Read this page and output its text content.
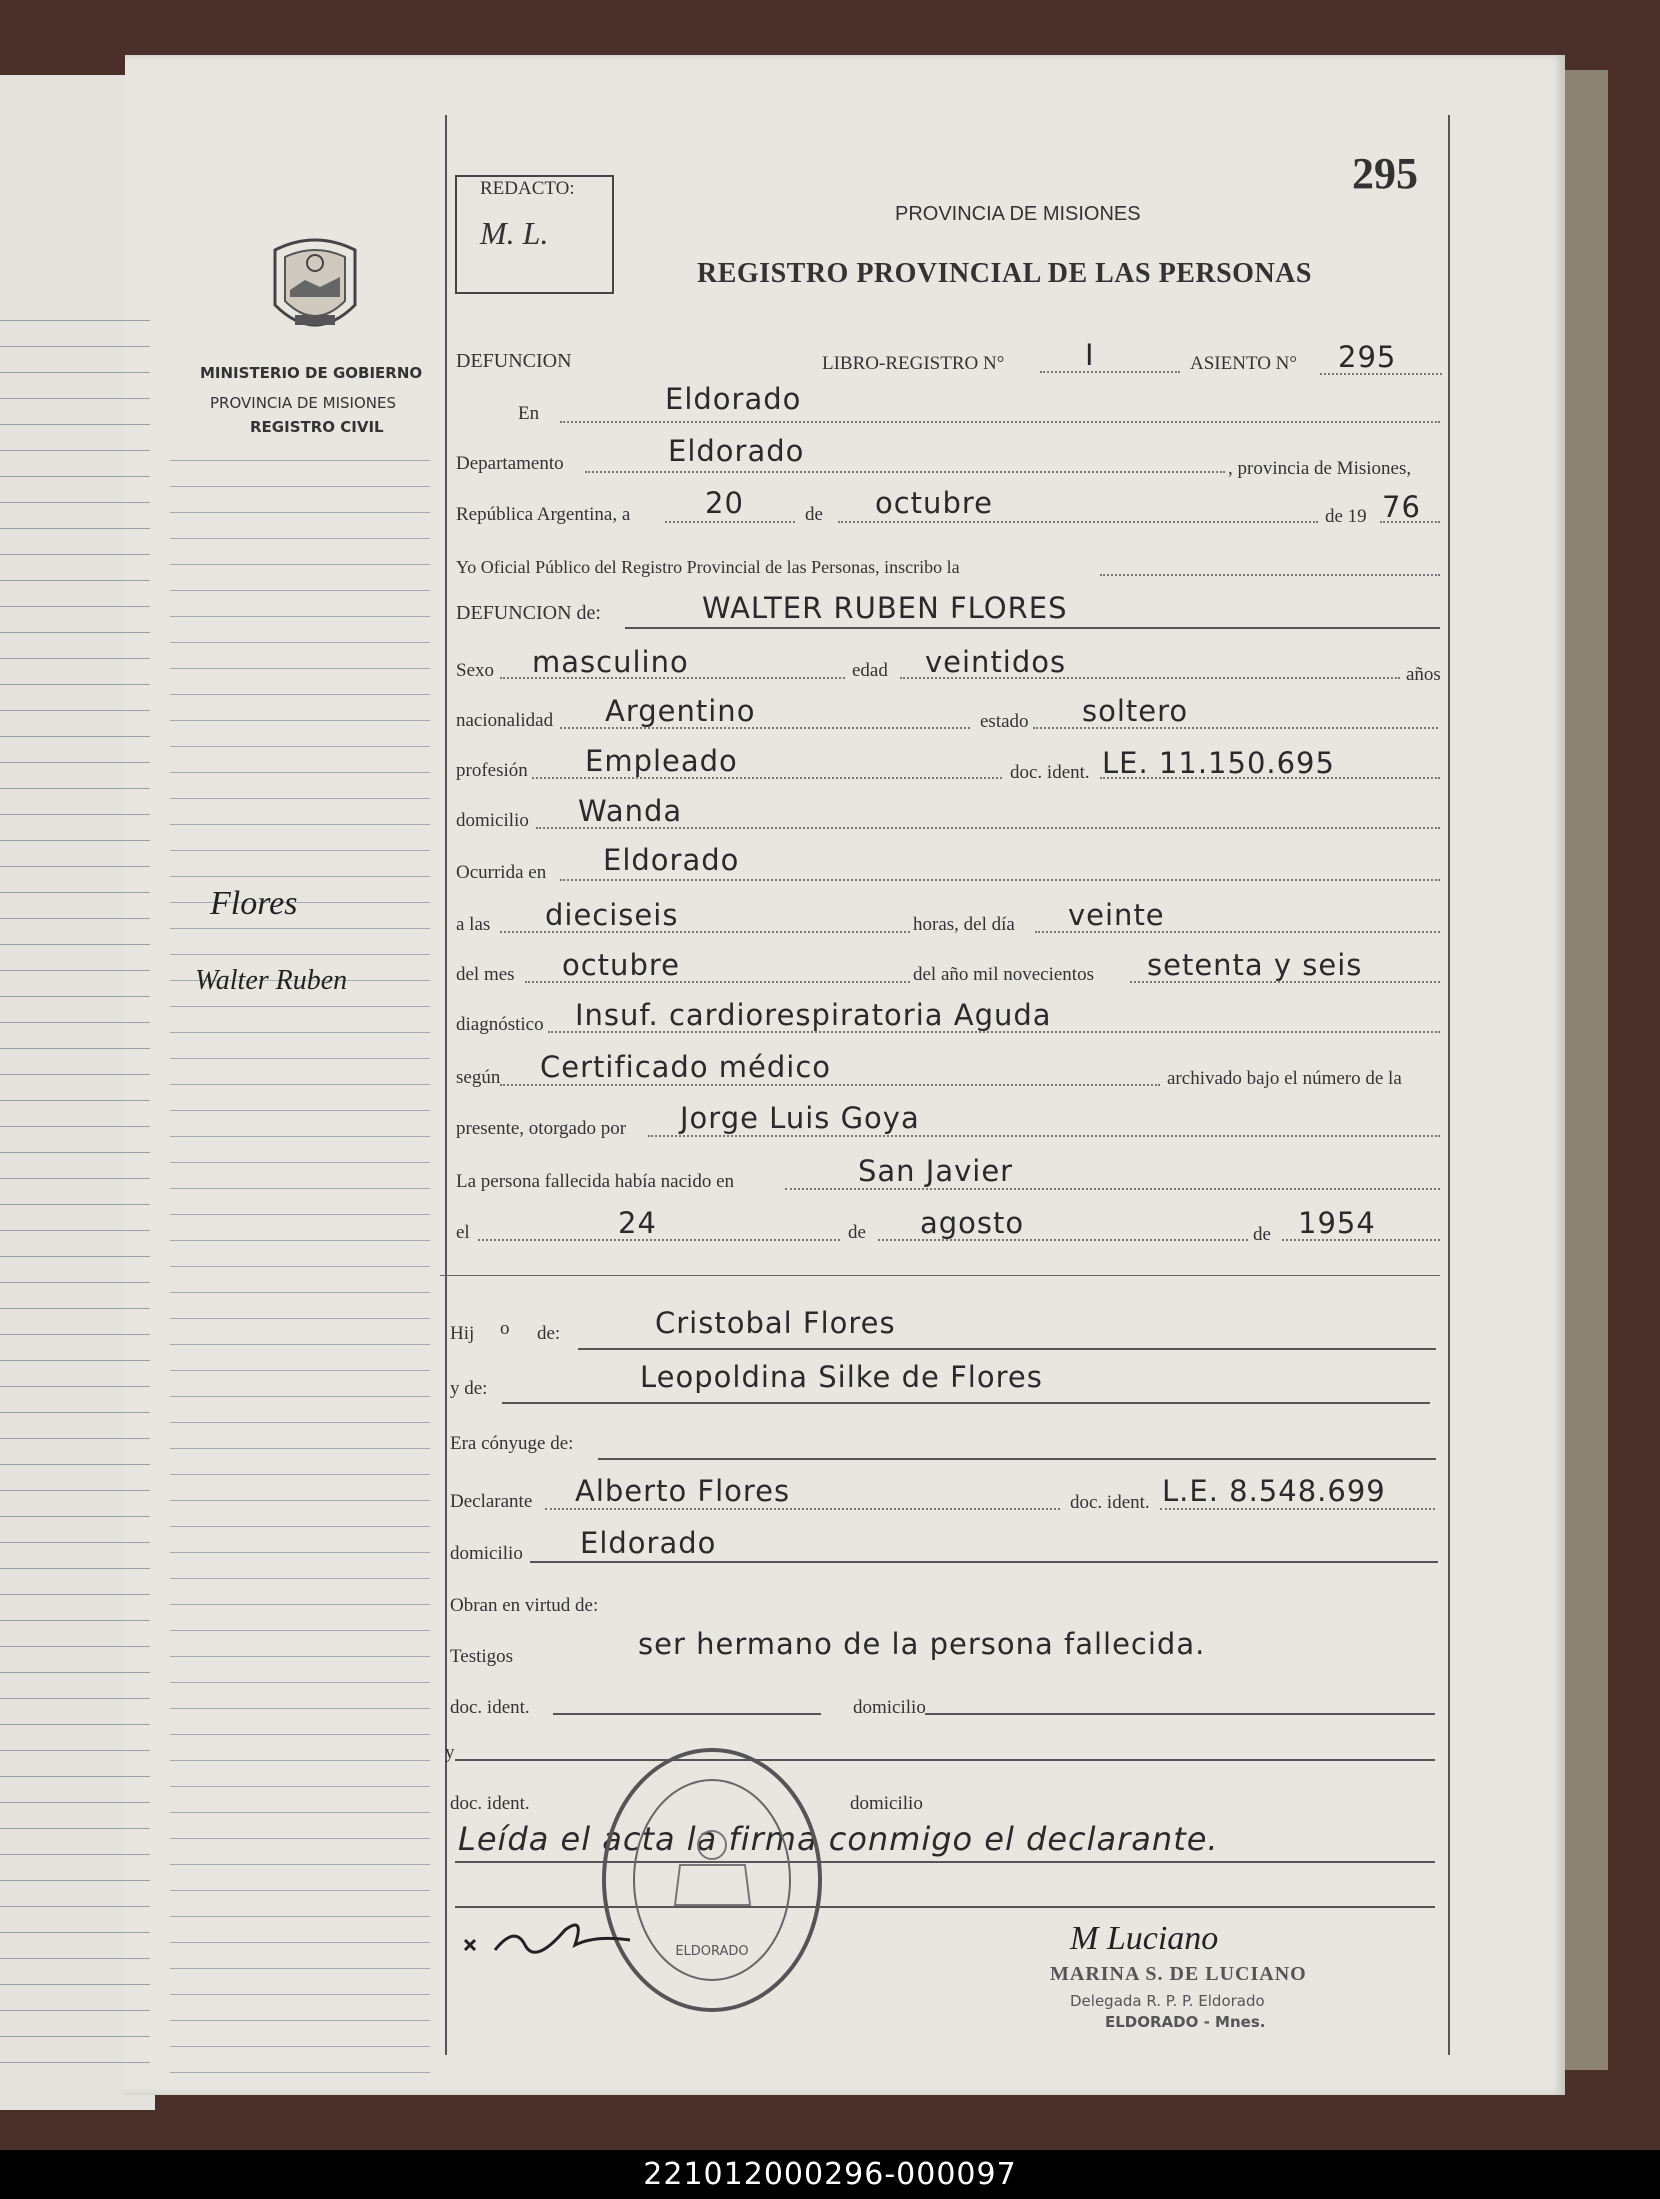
REDACTO:
M. L.
295
PROVINCIA DE MISIONES
REGISTRO PROVINCIAL DE LAS PERSONAS
MINISTERIO DE GOBIERNO
PROVINCIA DE MISIONES
REGISTRO CIVIL
Flores
Walter Ruben
DEFUNCION	LIBRO-REGISTRO N°	I	ASIENTO N° 295
En	Eldorado
Departamento	Eldorado
, provincia de Misiones,
República Argentina, a	20	de octubre	de 19 76
Yo Oficial Público del Registro Provincial de las Personas, inscribo la
DEFUNCION de:	WALTER RUBEN FLORES
Sexo masculino	edad veintidos	años
nacionalidad Argentino	estado soltero
profesión Empleado	doc. ident. LE. 11.150.695
domicilio Wanda
Ocurrida en Eldorado
a las dieciseis	horas, del día veinte
del mes octubre	del año mil novecientos setenta y seis
diagnóstico Insuf. cardiorespiratoria Aguda
según Certificado médico	archivado bajo el número de la
presente, otorgado por Jorge Luis Goya
La persona fallecida había nacido en	San Javier
el	24	de agosto	de 1954
Hij o de:	Cristobal Flores
y de:	Leopoldina Silke de Flores
Era cónyuge de:
Declarante Alberto Flores	doc. ident. L.E. 8.548.699
domicilio Eldorado
Obran en virtud de:
Testigos	ser hermano de la persona fallecida.
doc. ident.	domicilio
y
doc. ident.	domicilio
Leída el acta la firma conmigo el declarante.
ELDORADO	M Luciano
MARINA S. DE LUCIANO
Delegada R. P. P. Eldorado
ELDORADO - Mnes.
221012000296-000097
